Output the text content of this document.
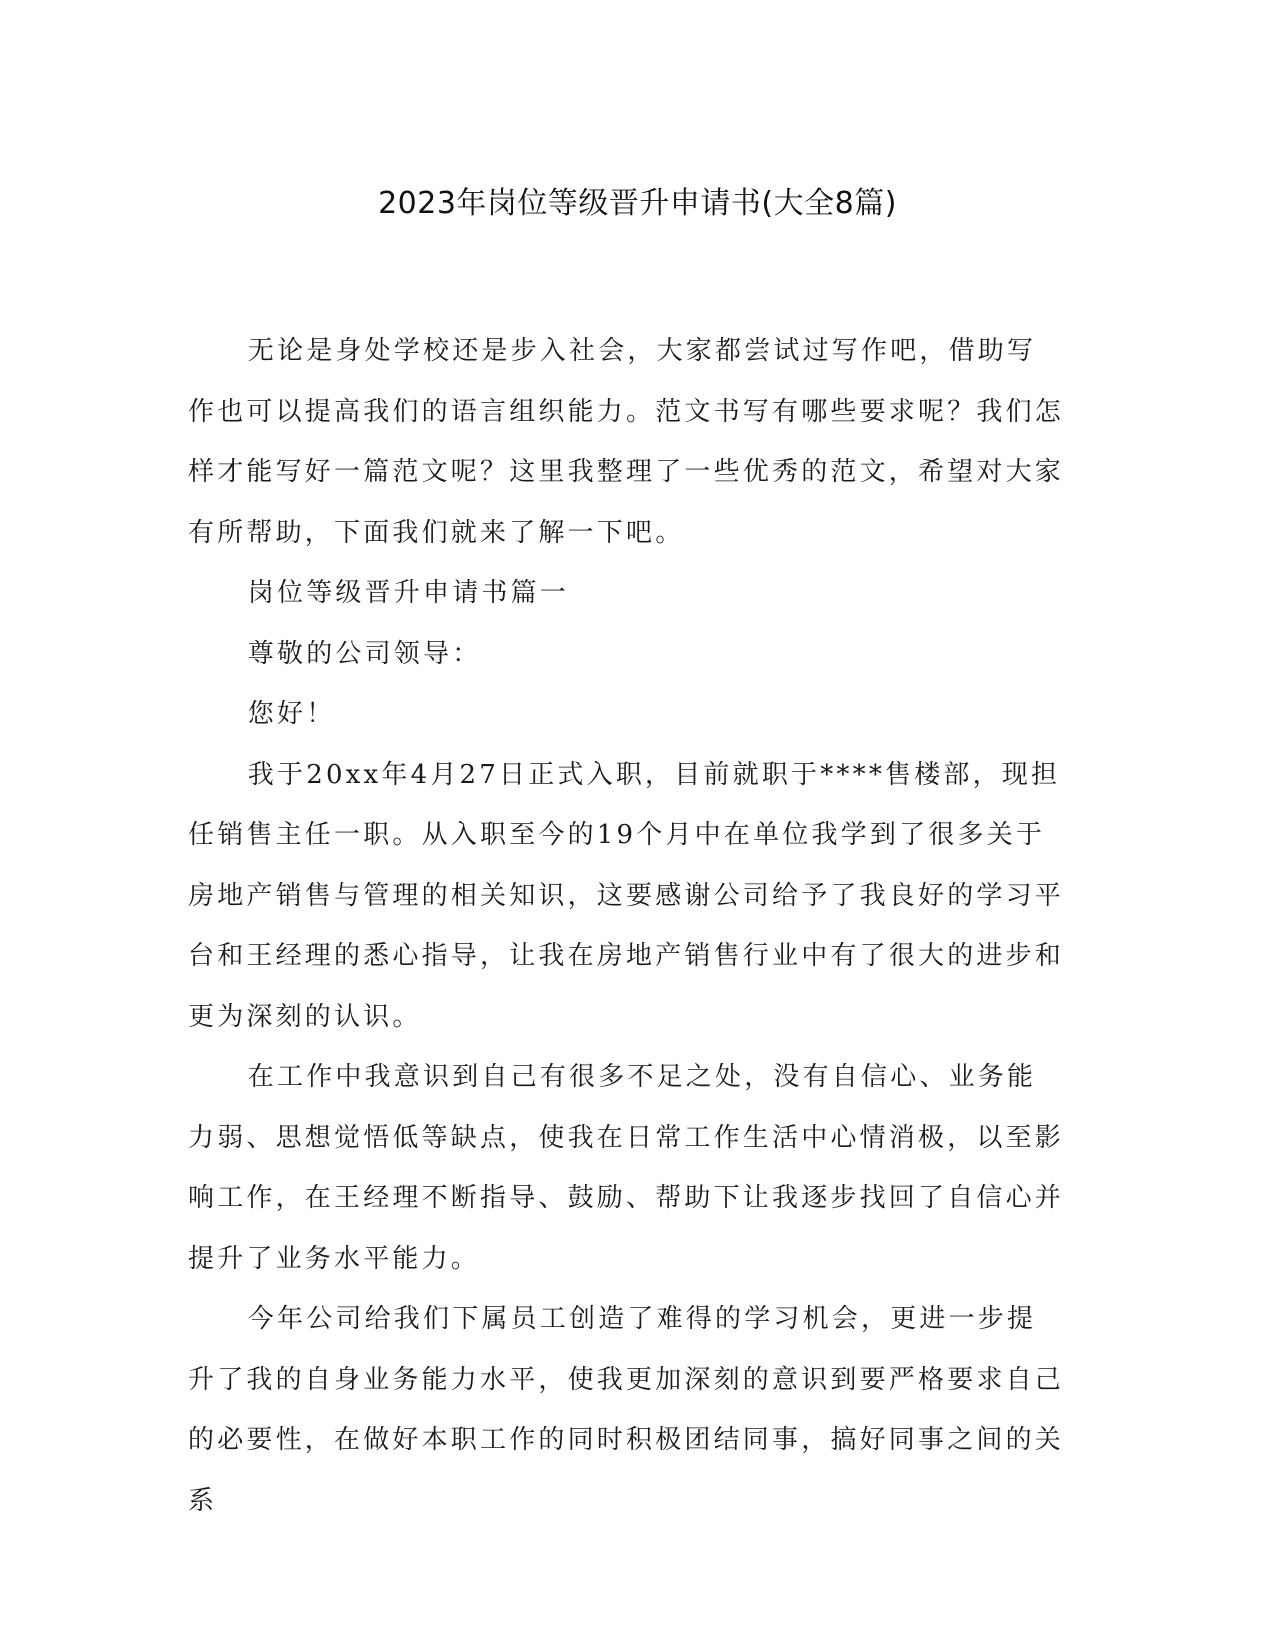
2023年岗位等级晋升申请书(大全8篇)

无论是身处学校还是步入社会，大家都尝试过写作吧，借助写作也可以提高我们的语言组织能力。范文书写有哪些要求呢？我们怎样才能写好一篇范文呢？这里我整理了一些优秀的范文，希望对大家有所帮助，下面我们就来了解一下吧。

岗位等级晋升申请书篇一

尊敬的公司领导：

您好！

我于20xx年4月27日正式入职，目前就职于****售楼部，现担任销售主任一职。从入职至今的19个月中在单位我学到了很多关于房地产销售与管理的相关知识，这要感谢公司给予了我良好的学习平台和王经理的悉心指导，让我在房地产销售行业中有了很大的进步和更为深刻的认识。

在工作中我意识到自己有很多不足之处，没有自信心、业务能力弱、思想觉悟低等缺点，使我在日常工作生活中心情消极，以至影响工作，在王经理不断指导、鼓励、帮助下让我逐步找回了自信心并提升了业务水平能力。

今年公司给我们下属员工创造了难得的学习机会，更进一步提升了我的自身业务能力水平，使我更加深刻的意识到要严格要求自己的必要性，在做好本职工作的同时积极团结同事，搞好同事之间的关系
